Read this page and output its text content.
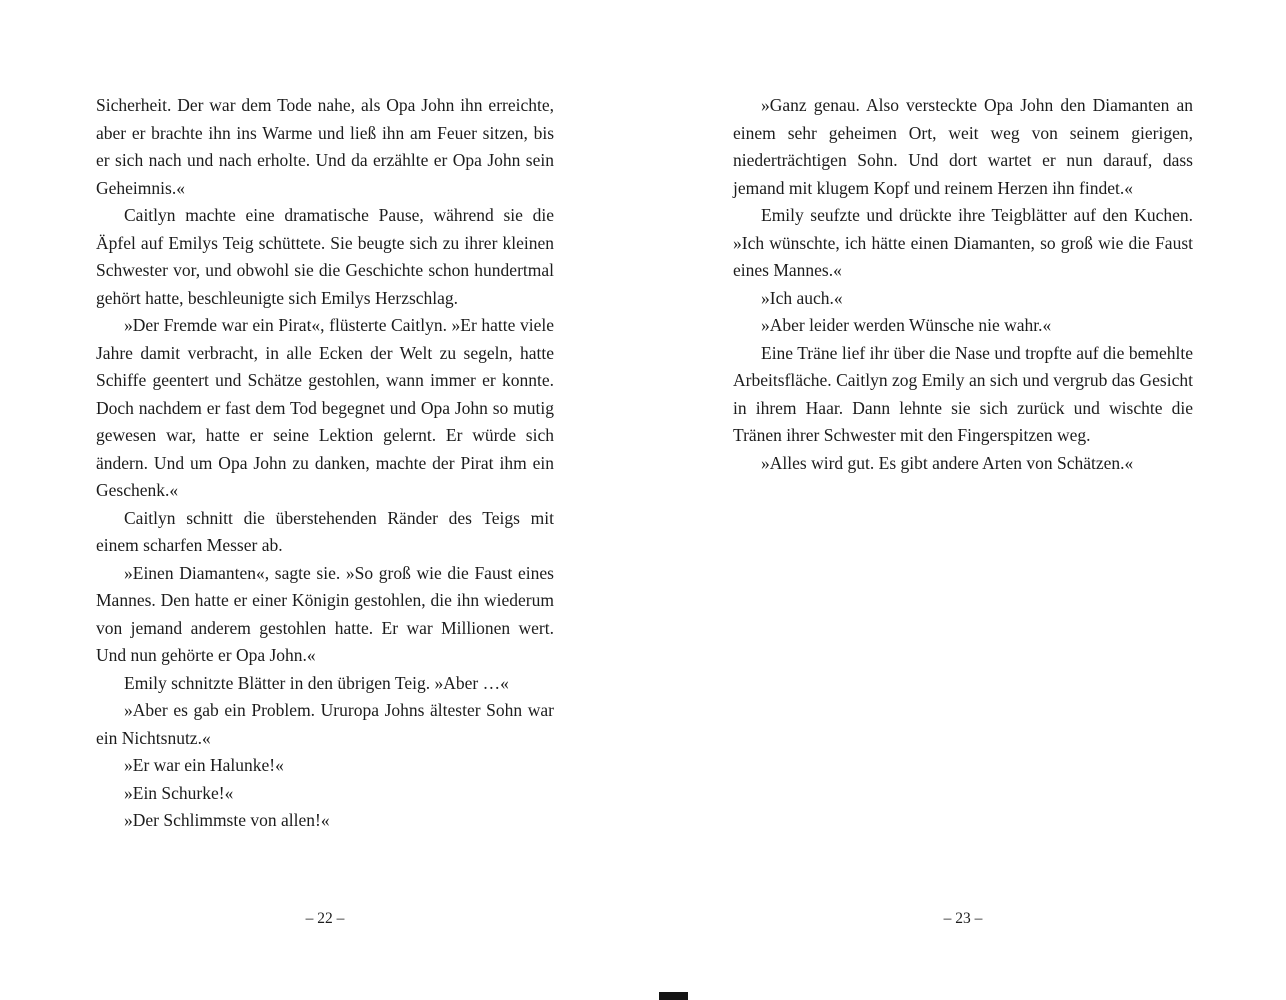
Sicherheit. Der war dem Tode nahe, als Opa John ihn erreichte, aber er brachte ihn ins Warme und ließ ihn am Feuer sitzen, bis er sich nach und nach erholte. Und da erzählte er Opa John sein Geheimnis.«

Caitlyn machte eine dramatische Pause, während sie die Äpfel auf Emilys Teig schüttete. Sie beugte sich zu ihrer kleinen Schwester vor, und obwohl sie die Geschichte schon hundertmal gehört hatte, beschleunigte sich Emilys Herzschlag.

»Der Fremde war ein Pirat«, flüsterte Caitlyn. »Er hatte viele Jahre damit verbracht, in alle Ecken der Welt zu segeln, hatte Schiffe geentert und Schätze gestohlen, wann immer er konnte. Doch nachdem er fast dem Tod begegnet und Opa John so mutig gewesen war, hatte er seine Lektion gelernt. Er würde sich ändern. Und um Opa John zu danken, machte der Pirat ihm ein Geschenk.«

Caitlyn schnitt die überstehenden Ränder des Teigs mit einem scharfen Messer ab.

»Einen Diamanten«, sagte sie. »So groß wie die Faust eines Mannes. Den hatte er einer Königin gestohlen, die ihn wiederum von jemand anderem gestohlen hatte. Er war Millionen wert. Und nun gehörte er Opa John.«

Emily schnitzte Blätter in den übrigen Teig. »Aber …«

»Aber es gab ein Problem. Ururopa Johns ältester Sohn war ein Nichtsnutz.«

»Er war ein Halunke!«

»Ein Schurke!«

»Der Schlimmste von allen!«

– 22 –

»Ganz genau. Also versteckte Opa John den Diamanten an einem sehr geheimen Ort, weit weg von seinem gierigen, niederträchtigen Sohn. Und dort wartet er nun darauf, dass jemand mit klugem Kopf und reinem Herzen ihn findet.«

Emily seufzte und drückte ihre Teigblätter auf den Kuchen. »Ich wünschte, ich hätte einen Diamanten, so groß wie die Faust eines Mannes.«

»Ich auch.«

»Aber leider werden Wünsche nie wahr.«

Eine Träne lief ihr über die Nase und tropfte auf die bemehlte Arbeitsfläche. Caitlyn zog Emily an sich und vergrub das Gesicht in ihrem Haar. Dann lehnte sie sich zurück und wischte die Tränen ihrer Schwester mit den Fingerspitzen weg.

»Alles wird gut. Es gibt andere Arten von Schätzen.«

– 23 –
